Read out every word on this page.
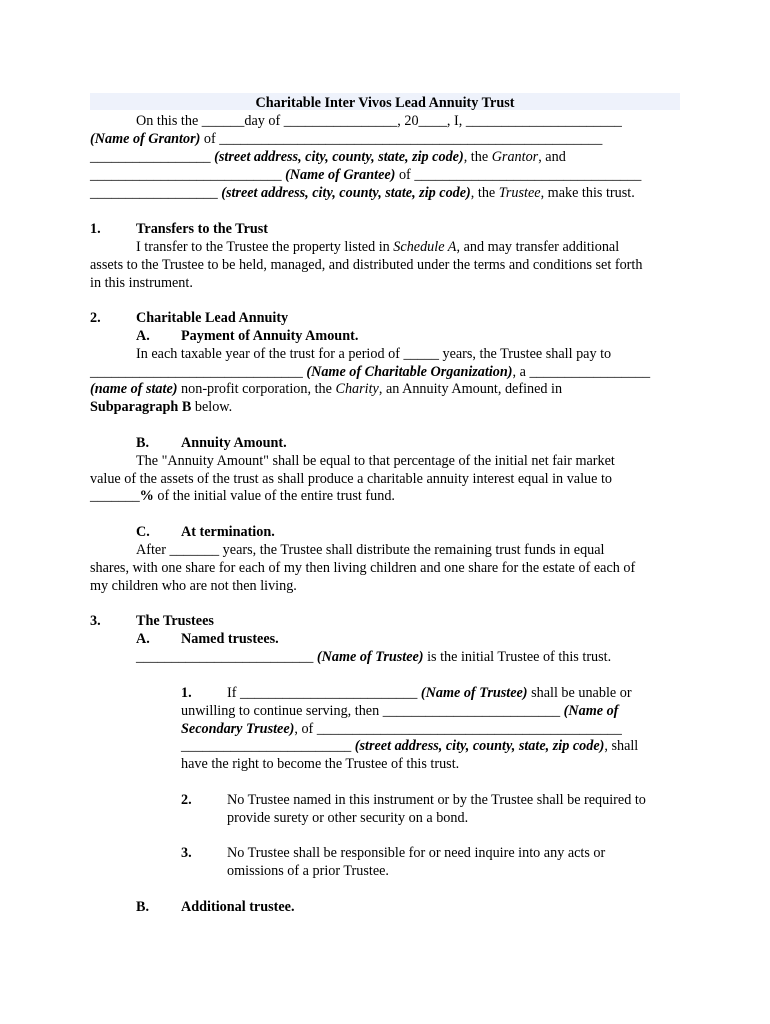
Charitable Inter Vivos Lead Annuity Trust
On this the ______day of ________________, 20____, I, ______________________
(Name of Grantor) of ______________________________________________________
_________________ (street address, city, county, state, zip code), the Grantor, and
___________________________ (Name of Grantee) of ________________________________
__________________ (street address, city, county, state, zip code), the Trustee, make this trust.
1. Transfers to the Trust
I transfer to the Trustee the property listed in Schedule A, and may transfer additional
assets to the Trustee to be held, managed, and distributed under the terms and conditions set forth
in this instrument.
2. Charitable Lead Annuity
A. Payment of Annuity Amount.
In each taxable year of the trust for a period of _____ years, the Trustee shall pay to
______________________________ (Name of Charitable Organization), a _________________
(name of state) non-profit corporation, the Charity, an Annuity Amount, defined in
Subparagraph B below.
B. Annuity Amount.
The "Annuity Amount" shall be equal to that percentage of the initial net fair market
value of the assets of the trust as shall produce a charitable annuity interest equal in value to
_______% of the initial value of the entire trust fund.
C. At termination.
After _______ years, the Trustee shall distribute the remaining trust funds in equal
shares, with one share for each of my then living children and one share for the estate of each of
my children who are not then living.
3. The Trustees
A. Named trustees.
_________________________ (Name of Trustee) is the initial Trustee of this trust.
1. If _________________________ (Name of Trustee) shall be unable or
unwilling to continue serving, then _________________________ (Name of
Secondary Trustee), of ___________________________________________
________________________ (street address, city, county, state, zip code), shall
have the right to become the Trustee of this trust.
2. No Trustee named in this instrument or by the Trustee shall be required to
provide surety or other security on a bond.
3. No Trustee shall be responsible for or need inquire into any acts or
omissions of a prior Trustee.
B. Additional trustee.
